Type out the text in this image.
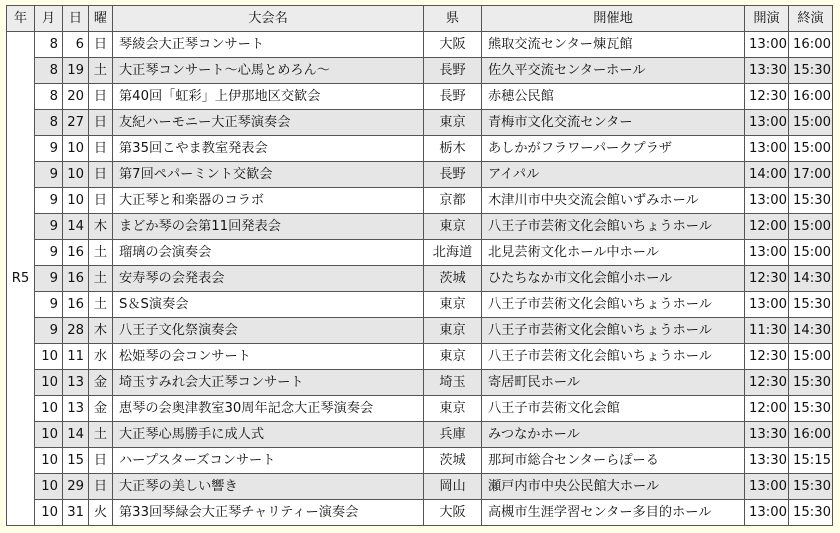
年	月	日	曜	大会名	県	開催地	開演	終演
R5	8	6	日	琴綾会大正琴コンサート	大阪	熊取交流センター煉瓦館	13:00	16:00
	8	19	土	大正琴コンサート～心馬とめろん～	長野	佐久平交流センターホール	13:30	15:30
	8	20	日	第40回「虹彩」上伊那地区交歓会	長野	赤穂公民館	12:30	16:00
	8	27	日	友紀ハーモニー大正琴演奏会	東京	青梅市文化交流センター	13:00	15:00
	9	10	日	第35回こやま教室発表会	栃木	あしかがフラワーパークプラザ	13:00	15:00
	9	10	日	第7回ペパーミント交歓会	長野	アイパル	14:00	17:00
	9	10	日	大正琴と和楽器のコラボ	京都	木津川市中央交流会館いずみホール	13:00	15:30
	9	14	木	まどか琴の会第11回発表会	東京	八王子市芸術文化会館いちょうホール	12:00	15:00
	9	16	土	瑠璃の会演奏会	北海道	北見芸術文化ホール中ホール	13:00	15:00
	9	16	土	安寿琴の会発表会	茨城	ひたちなか市文化会館小ホール	12:30	14:30
	9	16	土	S＆S演奏会	東京	八王子市芸術文化会館いちょうホール	13:00	15:30
	9	28	木	八王子文化祭演奏会	東京	八王子市芸術文化会館いちょうホール	11:30	14:30
	10	11	水	松姫琴の会コンサート	東京	八王子市芸術文化会館いちょうホール	12:30	15:00
	10	13	金	埼玉すみれ会大正琴コンサート	埼玉	寄居町民ホール	12:30	15:30
	10	13	金	恵琴の会奥津教室30周年記念大正琴演奏会	東京	八王子市芸術文化会館	12:00	15:30
	10	14	土	大正琴心馬勝手に成人式	兵庫	みつなかホール	13:30	16:00
	10	15	日	ハープスターズコンサート	茨城	那珂市総合センターらぽーる	13:30	15:15
	10	29	日	大正琴の美しい響き	岡山	瀬戸内市中央公民館大ホール	13:00	15:30
	10	31	火	第33回琴緑会大正琴チャリティー演奏会	大阪	高槻市生涯学習センター多目的ホール	13:00	15:30
